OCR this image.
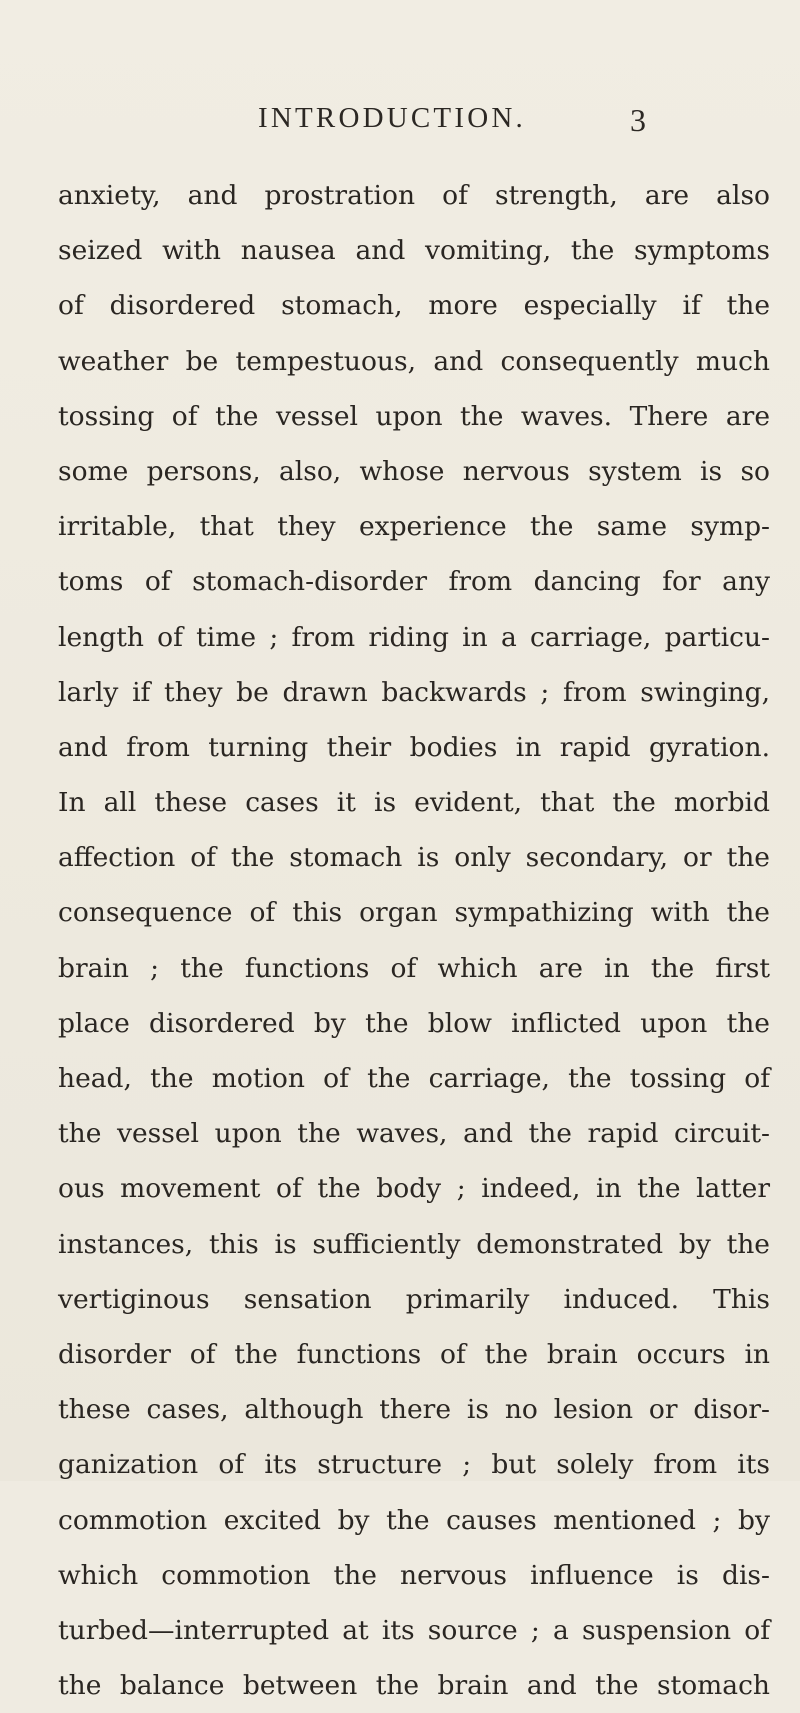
INTRODUCTION.	3
anxiety, and prostration of strength, are also
seized with nausea and vomiting, the symptoms
of disordered stomach, more especially if the
weather be tempestuous, and consequently much
tossing of the vessel upon the waves. There are
some persons, also, whose nervous system is so
irritable, that they experience the same symp-
toms of stomach-disorder from dancing for any
length of time ; from riding in a carriage, particu-
larly if they be drawn backwards ; from swinging,
and from turning their bodies in rapid gyration.
In all these cases it is evident, that the morbid
affection of the stomach is only secondary, or the
consequence of this organ sympathizing with the
brain ; the functions of which are in the first
place disordered by the blow inflicted upon the
head, the motion of the carriage, the tossing of
the vessel upon the waves, and the rapid circuit-
ous movement of the body ; indeed, in the latter
instances, this is sufficiently demonstrated by the
vertiginous sensation primarily induced. This
disorder of the functions of the brain occurs in
these cases, although there is no lesion or disor-
ganization of its structure ; but solely from its
commotion excited by the causes mentioned ; by
which commotion the nervous influence is dis-
turbed—interrupted at its source ; a suspension of
the balance between the brain and the stomach
